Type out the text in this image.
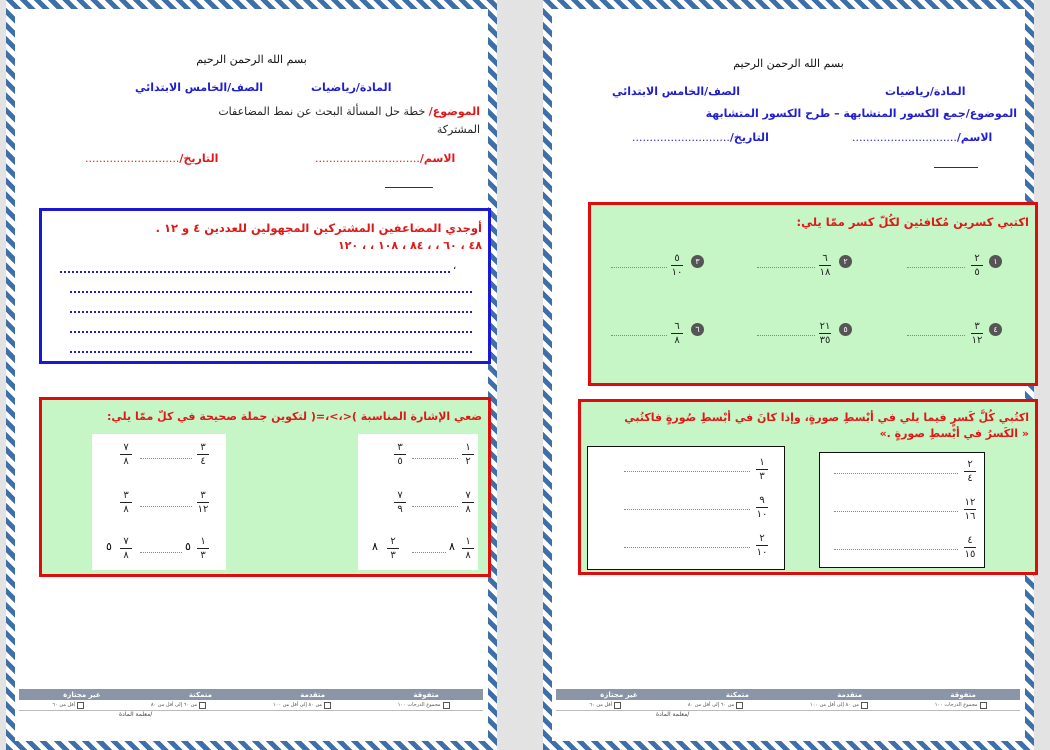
بسم الله الرحمن الرحيم
المادة/رياضيات
الصف/الخامس الابتدائي
الموضوع/ خطة حل المسألة البحث عن نمط المضاعفات
المشتركة
الاسم/..............................
التاريخ/...........................
أوجدي المضاعفين المشتركين المجهولين للعددين ٤ و ١٢ .
٤٨ ، ٦٠ ، ، ٨٤ ، ١٠٨ ، ، ١٢٠
،
ضعي الإشارة المناسبة )<،>،=( لتكوين جملة صحيحة في كلّ ممّا يلي:
٣
٤
٧
٨
٣
١٢
٣
٨
١
٣
٥
٧
٨
٥
١
٢
٣
٥
٧
٨
٧
٩
١
٨
٨
٢
٣
٨
متفوقة
متقدمة
متمكنة
غير مجتازة
مجموع الدرجات ١٠٠
من ٨٠ إلى أقل من ١٠٠
من ٦٠ إلى أقل من ٨٠
أقل من ٦٠
معلمة المادة/
بسم الله الرحمن الرحيم
المادة/رياضيات
الصف/الخامس الابتدائي
الموضوع/جمع الكسور المتشابهة – طرح الكسور المتشابهة
الاسم/..............................
التاريخ/............................
اكتبي كسرين مُكافئين لكُلّ كسر ممّا يلي:
١
٢
٥
٢
٦
١٨
٣
٥
١٠
٤
٣
١٢
٥
٢١
٣٥
٦
٦
٨
اكتُبي كُلَّ كَسرٍ فيما يلي في أبْسطِ صورةٍ، وإذا كانَ في أبْسطِ صُورةٍ فاكتُبي
« الكَسرُ في أبْسطِ صورةٍ .»
٢
٤
١٢
١٦
٤
١٥
١
٣
٩
١٠
٢
١٠
متفوقة
متقدمة
متمكنة
غير مجتازة
مجموع الدرجات ١٠٠
من ٨٠ إلى أقل من ١٠٠
من ٦٠ إلى أقل من ٨٠
أقل من ٦٠
معلمة المادة/
